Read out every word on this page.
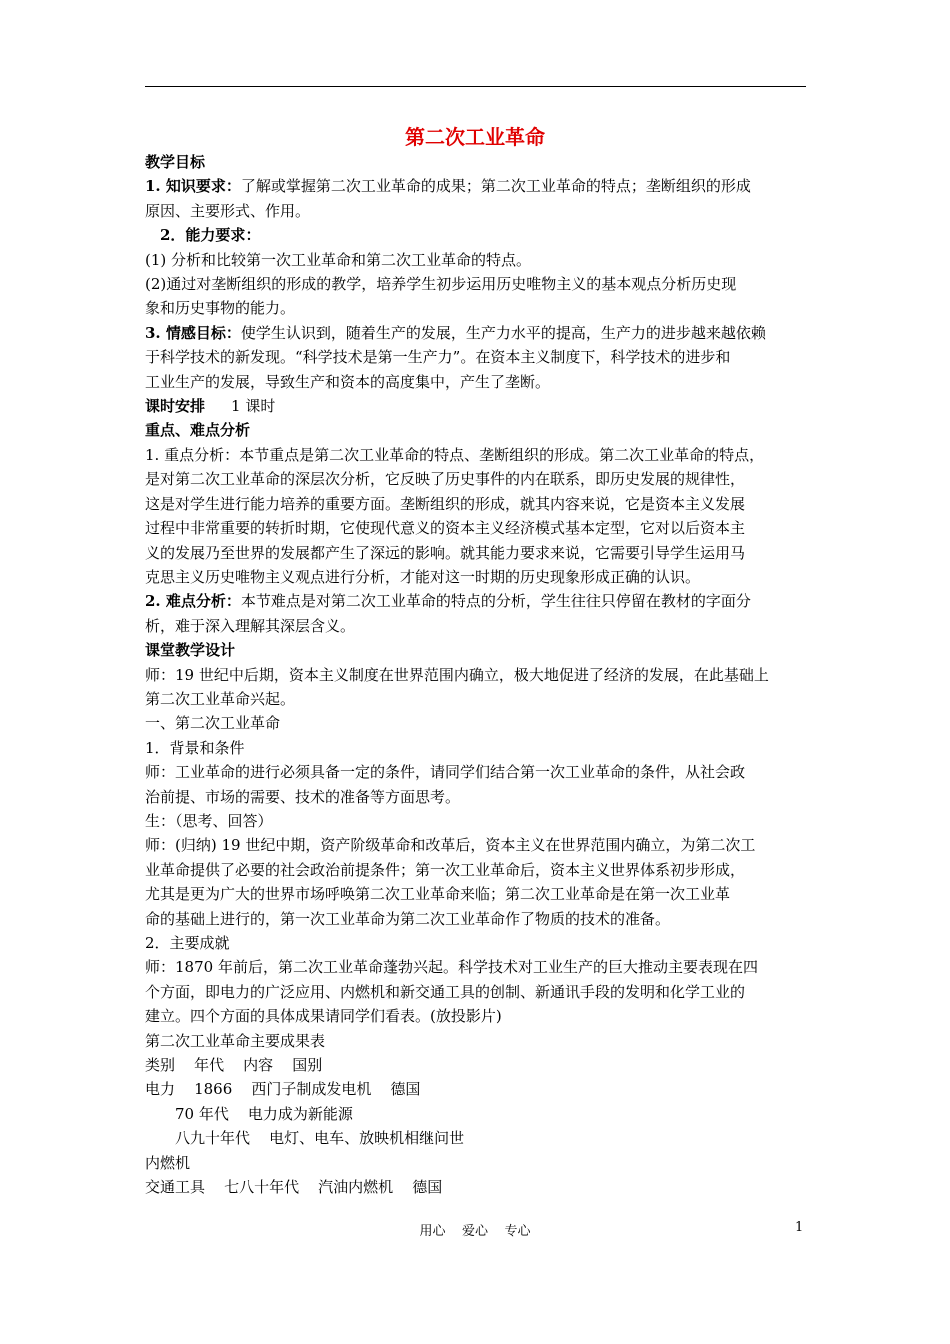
第二次工业革命

教学目标

1. 知识要求：了解或掌握第二次工业革命的成果；第二次工业革命的特点；垄断组织的形成

原因、主要形式、作用。

2．能力要求：

(1) 分析和比较第一次工业革命和第二次工业革命的特点。

(2)通过对垄断组织的形成的教学，培养学生初步运用历史唯物主义的基本观点分析历史现

象和历史事物的能力。

3. 情感目标：使学生认识到，随着生产的发展，生产力水平的提高，生产力的进步越来越依赖

于科学技术的新发现。“科学技术是第一生产力”。在资本主义制度下，科学技术的进步和

工业生产的发展，导致生产和资本的高度集中，产生了垄断。

课时安排 1 课时

重点、难点分析

1. 重点分析：本节重点是第二次工业革命的特点、垄断组织的形成。第二次工业革命的特点，

是对第二次工业革命的深层次分析，它反映了历史事件的内在联系，即历史发展的规律性，

这是对学生进行能力培养的重要方面。垄断组织的形成，就其内容来说，它是资本主义发展

过程中非常重要的转折时期，它使现代意义的资本主义经济模式基本定型，它对以后资本主

义的发展乃至世界的发展都产生了深远的影响。就其能力要求来说，它需要引导学生运用马

克思主义历史唯物主义观点进行分析，才能对这一时期的历史现象形成正确的认识。

2. 难点分析：本节难点是对第二次工业革命的特点的分析，学生往往只停留在教材的字面分

析，难于深入理解其深层含义。

课堂教学设计

师：19 世纪中后期，资本主义制度在世界范围内确立，极大地促进了经济的发展，在此基础上

第二次工业革命兴起。

一、第二次工业革命

1．背景和条件

师：工业革命的进行必须具备一定的条件，请同学们结合第一次工业革命的条件，从社会政

治前提、市场的需要、技术的准备等方面思考。

生：（思考、回答）

师：(归纳) 19 世纪中期，资产阶级革命和改革后，资本主义在世界范围内确立，为第二次工

业革命提供了必要的社会政治前提条件；第一次工业革命后，资本主义世界体系初步形成，

尤其是更为广大的世界市场呼唤第二次工业革命来临；第二次工业革命是在第一次工业革

命的基础上进行的，第一次工业革命为第二次工业革命作了物质的技术的准备。

2．主要成就

师：1870 年前后，第二次工业革命蓬勃兴起。科学技术对工业生产的巨大推动主要表现在四

个方面，即电力的广泛应用、内燃机和新交通工具的创制、新通讯手段的发明和化学工业的

建立。四个方面的具体成果请同学们看表。(放投影片)

第二次工业革命主要成果表

类别    年代    内容    国别

电力    1866    西门子制成发电机    德国

70 年代    电力成为新能源

八九十年代    电灯、电车、放映机相继问世

内燃机

交通工具    七八十年代    汽油内燃机    德国

用心    爱心    专心	1
